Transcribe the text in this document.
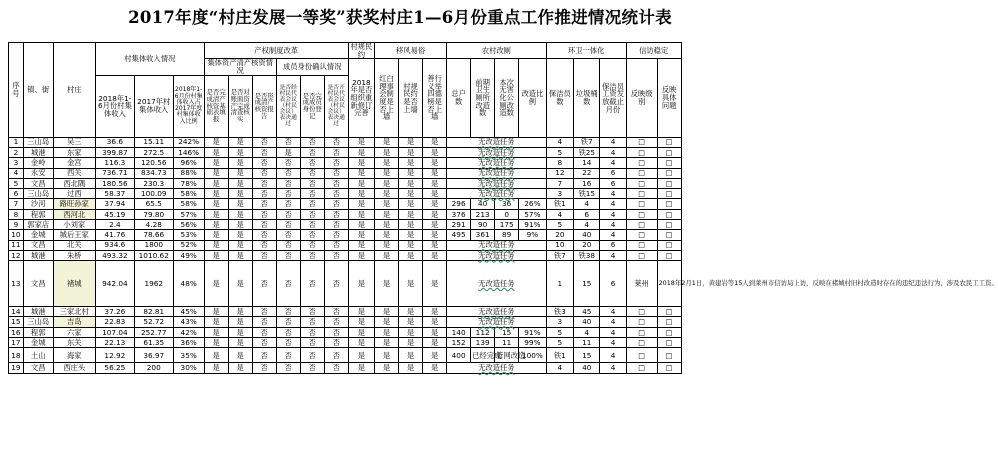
2017年度“村庄发展一等奖”获奖村庄1—6月份重点工作推进情况统计表
序号	镇、街	村庄	村集体收入情况			产权制度改革						村规民约	移风易俗			农村改厕				环卫一体化			信访稳定	
						集体资产清产核资情况			成员身份确认情况			2018年是否组织重新修订完善	红白理事会制度是否上墙	村规民约是否上墙	善行义举四德榜是否上墙	总户数	前期卫生厕所改造数	本次无害化公厕改造数	改造比例	保洁员数	垃圾桶数	保洁员工资发放截止月份	反映级别	反映具体问题
			2018年1-6月份村集体收入	2017年村集体收入	2018年1-6月份村集体收入占2017年度村集体收入比例	是否完成清产核资基础表填报	是否对账面资产完成清查核实	是否形成清产核资报告	是否经村民代表会议（村民会议）表决通过	是否完成成员身份登记	是否开村民代表会议（村民会议）表决通过													
1	三山岛	吴三	36.6	15.11	242%	是	是	否	否	否	否	是	是	是	是	无改造任务				4	铁7	4	□	□
2	城港	东家	399.87	272.5	146%	是	是	否	是	否	否	是	是	是	是	无改造任务				5	铁25	4	□	□
3	金岭	金宫	116.3	120.56	96%	是	是	否	否	否	否	是	是	是	是	无改造任务				8	14	4	□	□
4	永安	西关	736.71	834.73	88%	是	是	否	否	否	否	是	是	是	是	无改造任务				12	22	6	□	□
5	文昌	西北隅	180.56	230.3	78%	是	是	否	否	否	否	是	是	是	是	无改造任务				7	16	6	□	□
6	三山岛	过西	58.37	100.09	58%	是	是	否	否	否	否	是	是	是	是	无改造任务				3	铁15	4	□	□
7	沙河	路旺孙家	37.94	65.5	58%	是	是	否	否	否	否	是	是	是	是	296	40	36	26%	铁1	4	4	□	□
8	程郭	西河北	45.19	79.80	57%	是	是	否	否	否	否	是	是	是	是	376	213	0	57%	4	6	4	□	□
9	郭家店	小刘家	2.4	4.28	56%	是	是	否	否	否	否	是	是	是	是	291	90	175	91%	5	4	4	□	□
10	金城	城后王家	41.76	78.66	53%	是	是	否	否	否	否	是	是	是	是	495	361	89	9%	20	40	4	□	□
11	文昌	北关	934.6	1800	52%	是	是	否	否	否	否	是	是	是	是	无改造任务				10	20	6	□	□
12	城港	朱桥	493.32	1010.62	49%	是	是	否	否	否	否	是	是	是	是	无改造任务				铁7	铁38	4	□	□
13	文昌	褚城	942.04	1962	48%	是	是	否	否	否	否	是	是	是	是	无改造任务				1	15	6	莱州	2018年2月1日，黄建岩等15人到莱州市信访局上访，反映在褚城村旧村改造时存在的违纪违法行为，涉及农民工工资。
14	城港	三家北村	37.26	82.81	45%	是	是	否	否	否	否	是	是	是	是	无改造任务				铁3	45	4	□	□
15	三山岛	吉岛	22.83	52.72	43%	是	是	否	否	否	否	是	是	是	是	无改造任务				3	40	4	□	□
16	程郭	六家	107.04	252.77	42%	是	是	否	否	否	否	是	是	是	是	140	112	15	91%	5	4	4	□	□
17	金城	东关	22.13	61.35	36%	是	是	否	否	否	否	是	是	是	是	152	139	11	99%	5	11	4	□	□
18	土山	海家	12.92	36.97	35%	是	是	否	否	否	否	是	是	是	是	400	已经完成	管网改造	100%	铁1	15	4	□	□
19	文昌	西庄头	56.25	200	30%	是	是	否	否	否	否	是	是	是	是	无改造任务				4	40	4	□	□
